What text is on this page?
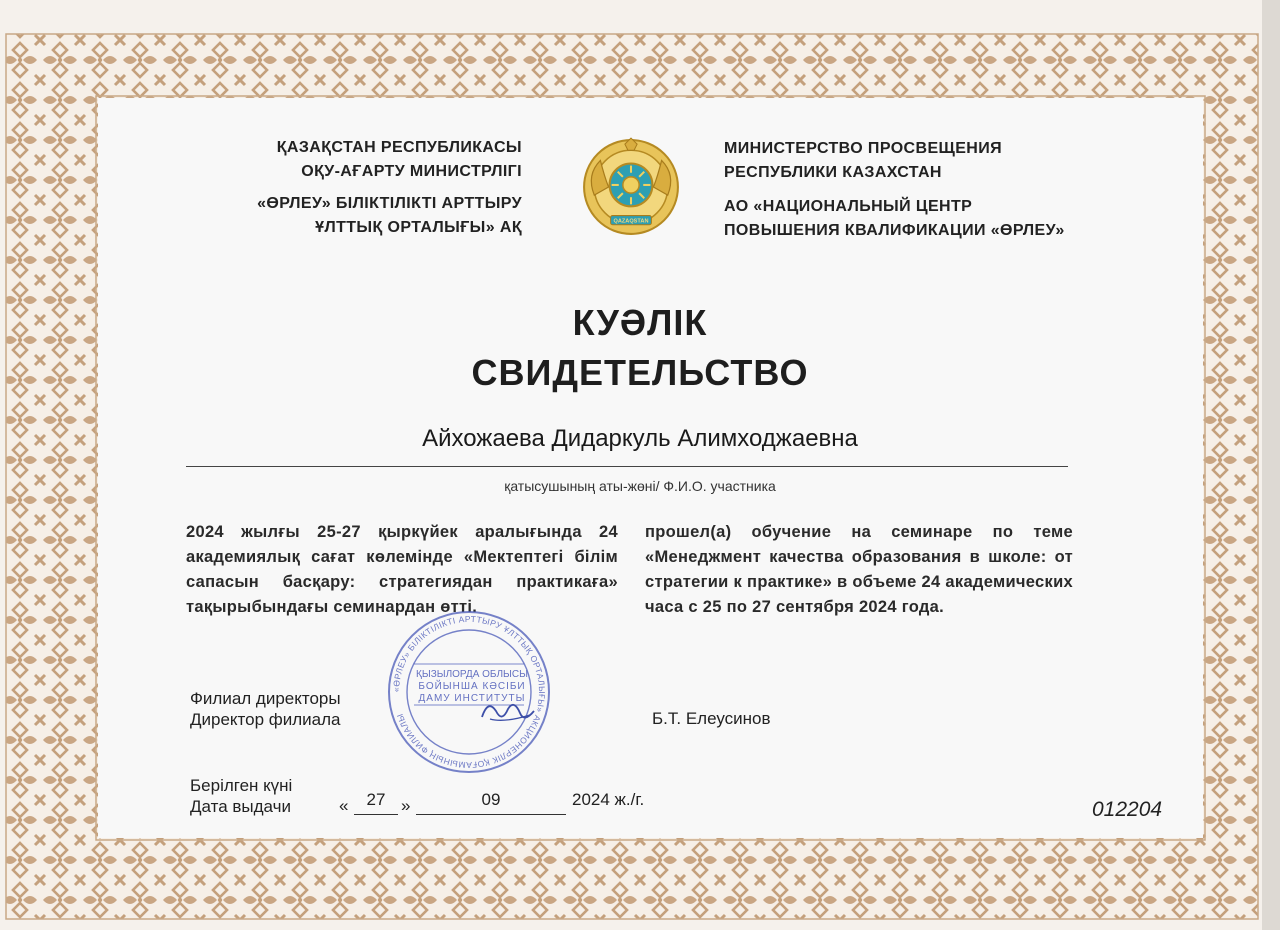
ҚАЗАҚСТАН РЕСПУБЛИКАСЫ
ОҚУ-АҒАРТУ МИНИСТРЛІГІ
«ӨРЛЕУ» БІЛІКТІЛІКТІ АРТТЫРУ
ҰЛТТЫҚ ОРТАЛЫҒЫ» АҚ	QAZAQSTAN
МИНИСТЕРСТВО ПРОСВЕЩЕНИЯ
РЕСПУБЛИКИ КАЗАХСТАН
АО «НАЦИОНАЛЬНЫЙ ЦЕНТР
ПОВЫШЕНИЯ КВАЛИФИКАЦИИ «ӨРЛЕУ»
КУӘЛІК
СВИДЕТЕЛЬСТВО
Айхожаева Дидаркуль Алимходжаевна
қатысушының аты-жөні/ Ф.И.О. участника
2024 жылғы 25-27 қыркүйек аралығында 24 академиялық сағат көлемінде «Мектептегі білім сапасын басқару: стратегиядан практикаға» тақырыбындағы семинардан өтті.
прошел(а) обучение на семинаре по теме «Менеджмент качества образования в школе: от стратегии к практике» в объеме 24 академических часа с 25 по 27 сентября 2024 года.
Филиал директоры
Директор филиала
«ӨРЛЕУ» БІЛІКТІЛІКТІ АРТТЫРУ ҰЛТТЫҚ ОРТАЛЫҒЫ» АКЦИОНЕРЛІК ҚОҒАМЫНЫҢ ФИЛИАЛЫ
ҚЫЗЫЛОРДА ОБЛЫСЫ
БОЙЫНША КӘСІБИ
ДАМУ ИНСТИТУТЫ
Б.Т. Елеусинов
Берілген күні
Дата выдачи	«	27 »	09	2024 ж./г.	012204
